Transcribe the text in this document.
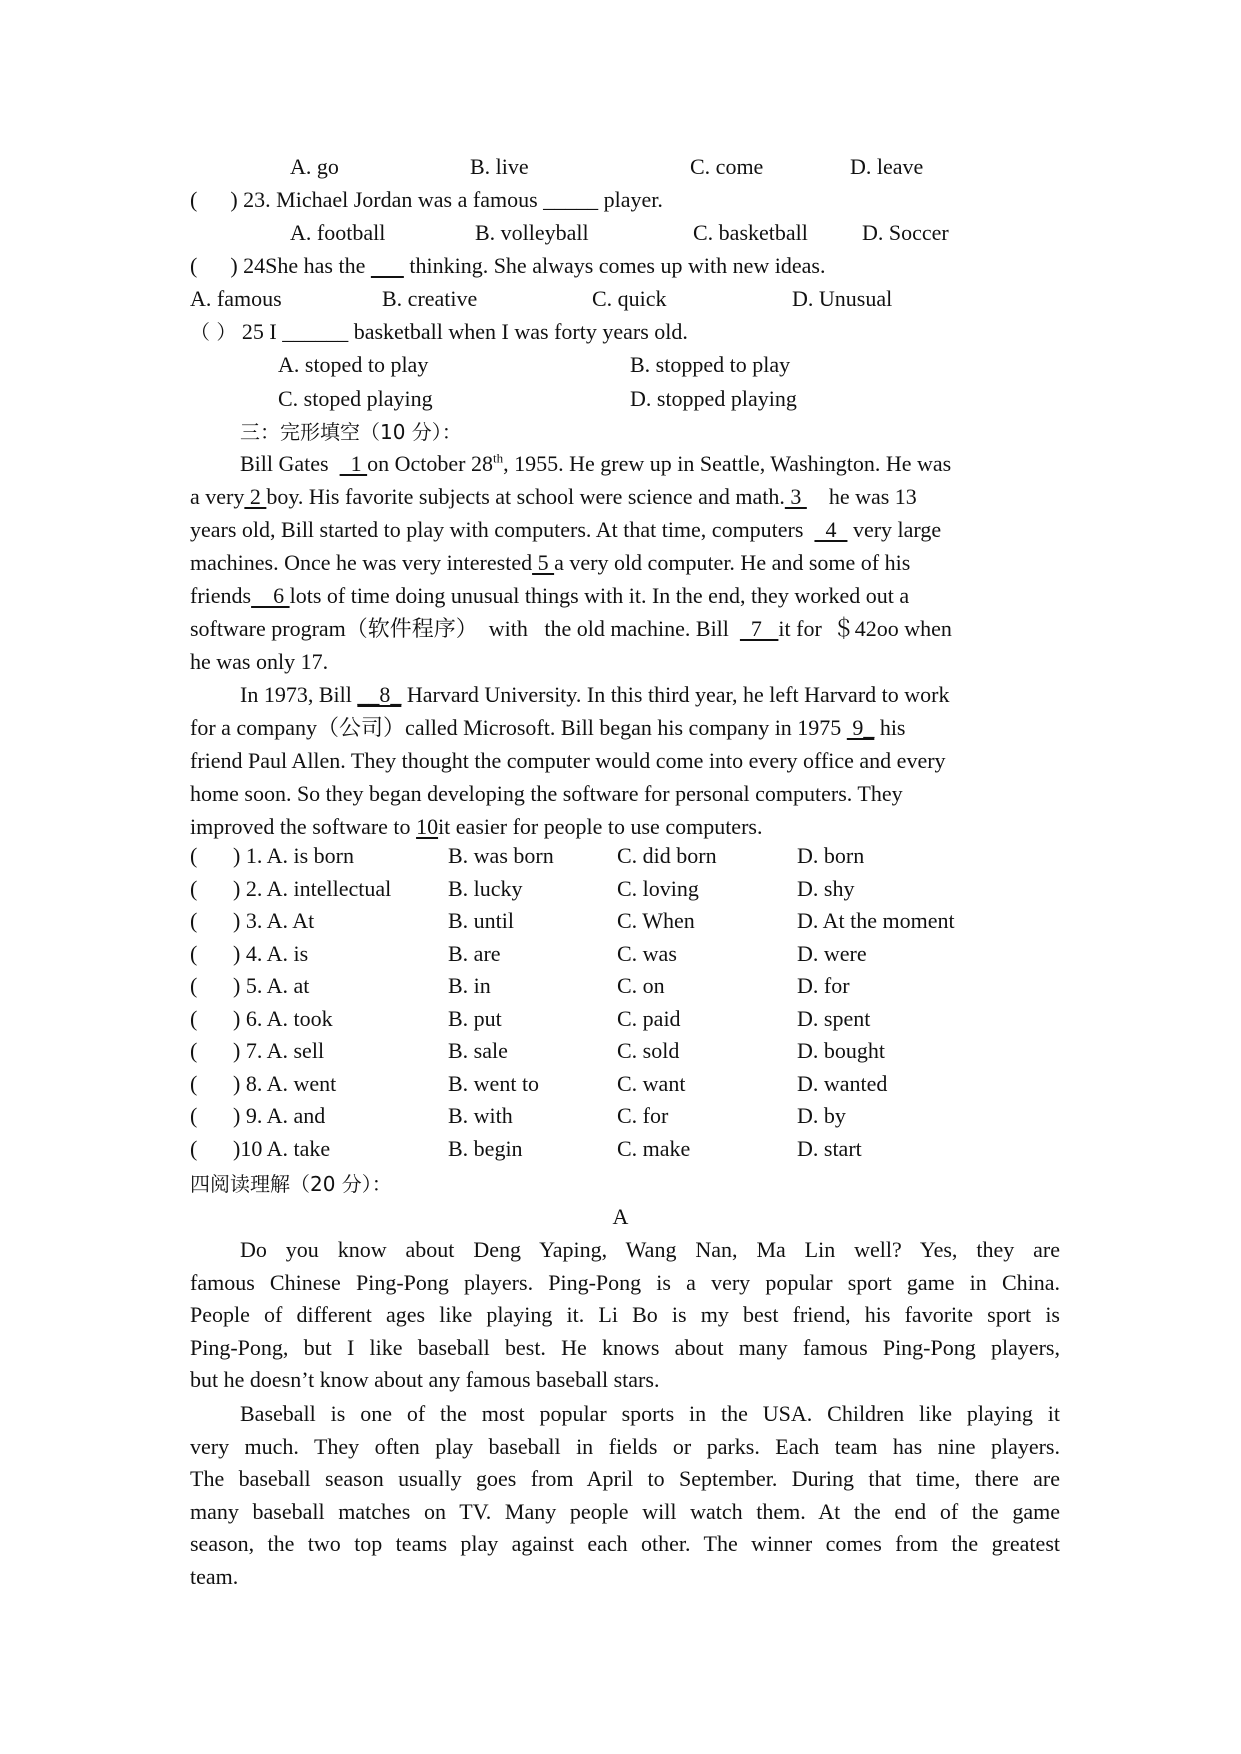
A. go	B. live	C. come	D. leave
(      ) 23. Michael Jordan was a famous _____ player.
A. football	B. volleyball	C. basketball D. Soccer
(      ) 24She has the thinking. She always comes up with new ideas.
A. famous	B. creative	C. quick	D. Unusual
（ ） 25 I ______ basketball when I was forty years old.
A. stoped to play	B. stopped to play
C. stoped playing	D. stopped playing
三：完形填空（10 分）：
Bill Gates    1 on October 28th, 1955. He grew up in Seattle, Washington. He was
a very 2 boy. His favorite subjects at school were science and math. 3     he was 13
years old, Bill started to play with computers. At that time, computers    4   very large
machines. Once he was very interested 5 a very old computer. He and some of his
friends    6 lots of time doing unusual things with it. In the end, they worked out a
software program（软件程序）  with   the old machine. Bill    7   it for  ＄42oo when
he was only 17.
In 1973, Bill __8_ Harvard University. In this third year, he left Harvard to work
for a company（公司）called Microsoft. Bill began his company in 1975  9_ his
friend Paul Allen. They thought the computer would come into every office and every
home soon. So they began developing the software for personal computers. They
improved the software to 10it easier for people to use computers.
( ) 1. A. is born	B. was born	C. did born	D. born
( ) 2. A. intellectual	B. lucky	C. loving	D. shy
( ) 3. A. At	B. until	C. When	D. At the moment
( ) 4. A. is	B. are	C. was	D. were
( ) 5. A. at	B. in	C. on	D. for
( ) 6. A. took	B. put	C. paid	D. spent
( ) 7. A. sell	B. sale	C. sold	D. bought
( ) 8. A. went	B. went to	C. want	D. wanted
( ) 9. A. and	B. with	C. for	D. by
( )10 A. take	B. begin	C. make	D. start
四阅读理解（20 分）：
A
Do you know about Deng Yaping, Wang Nan, Ma Lin well? Yes, they are
famous Chinese Ping-Pong players. Ping-Pong is a very popular sport game in China.
People of different ages like playing it. Li Bo is my best friend, his favorite sport is
Ping-Pong, but I like baseball best. He knows about many famous Ping-Pong players,
but he doesn’t know about any famous baseball stars.
Baseball is one of the most popular sports in the USA. Children like playing it
very much. They often play baseball in fields or parks. Each team has nine players.
The baseball season usually goes from April to September. During that time, there are
many baseball matches on TV. Many people will watch them. At the end of the game
season, the two top teams play against each other. The winner comes from the greatest
team.
